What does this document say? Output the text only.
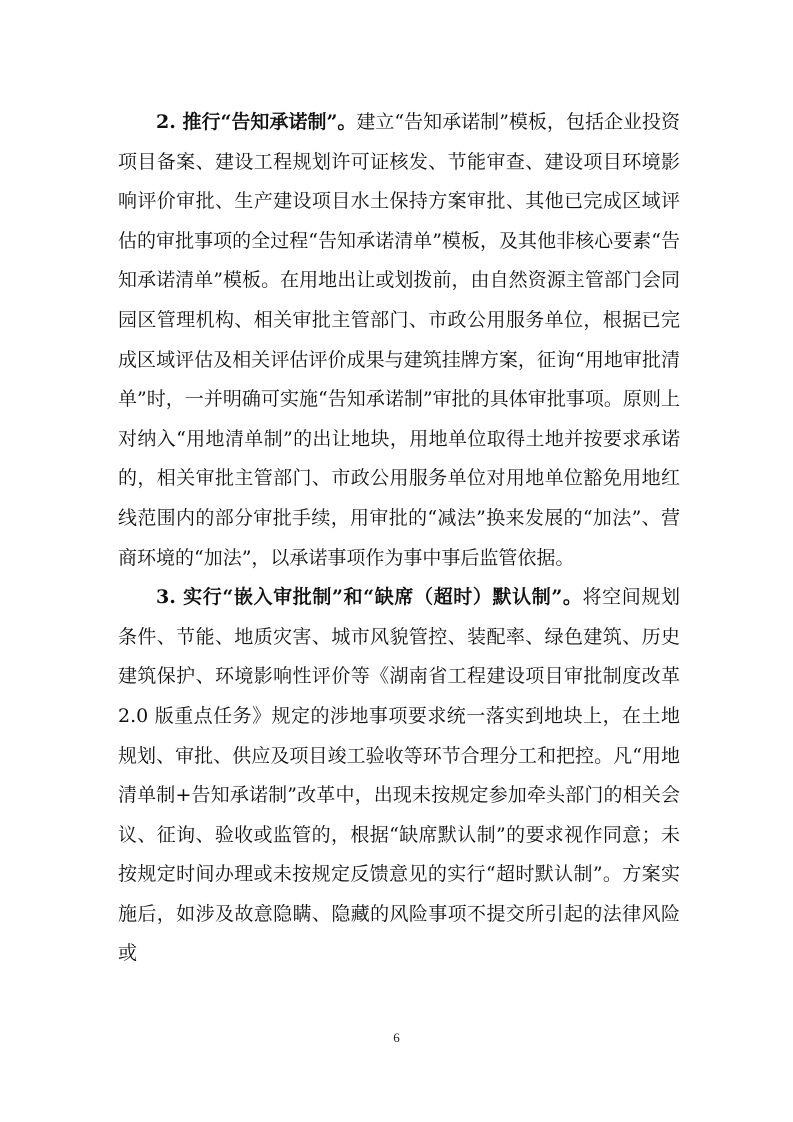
2. 推行“告知承诺制”。建立“告知承诺制”模板，包括企业投资项目备案、建设工程规划许可证核发、节能审查、建设项目环境影响评价审批、生产建设项目水土保持方案审批、其他已完成区域评估的审批事项的全过程“告知承诺清单”模板，及其他非核心要素“告知承诺清单”模板。在用地出让或划拨前，由自然资源主管部门会同园区管理机构、相关审批主管部门、市政公用服务单位，根据已完成区域评估及相关评估评价成果与建筑挂牌方案，征询“用地审批清单”时，一并明确可实施“告知承诺制”审批的具体审批事项。原则上对纳入“用地清单制”的出让地块，用地单位取得土地并按要求承诺的，相关审批主管部门、市政公用服务单位对用地单位豁免用地红线范围内的部分审批手续，用审批的“减法”换来发展的“加法”、营商环境的“加法”，以承诺事项作为事中事后监管依据。

3. 实行“嵌入审批制”和“缺席（超时）默认制”。将空间规划条件、节能、地质灾害、城市风貌管控、装配率、绿色建筑、历史建筑保护、环境影响性评价等《湖南省工程建设项目审批制度改革 2.0 版重点任务》规定的涉地事项要求统一落实到地块上，在土地规划、审批、供应及项目竣工验收等环节合理分工和把控。凡“用地清单制+告知承诺制”改革中，出现未按规定参加牵头部门的相关会议、征询、验收或监管的，根据“缺席默认制”的要求视作同意；未按规定时间办理或未按规定反馈意见的实行“超时默认制”。方案实施后，如涉及故意隐瞒、隐藏的风险事项不提交所引起的法律风险或

6
